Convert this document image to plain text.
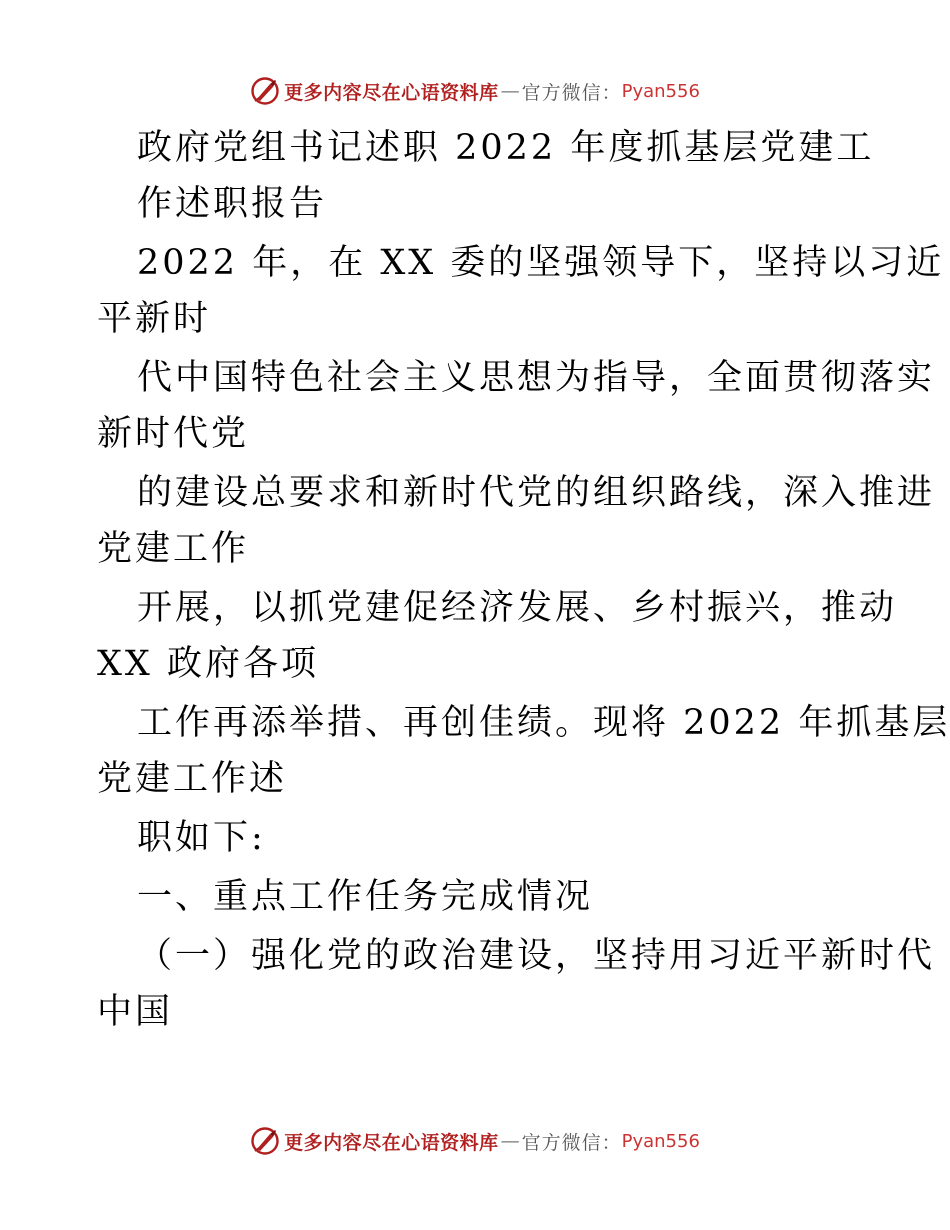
更多内容尽在心语资料库 — 官方微信： Pyan556
政府党组书记述职 2022 年度抓基层党建工
作述职报告
2022 年，在 XX 委的坚强领导下，坚持以习近
平新时
代中国特色社会主义思想为指导，全面贯彻落实
新时代党
的建设总要求和新时代党的组织路线，深入推进
党建工作
开展，以抓党建促经济发展、乡村振兴，推动
XX 政府各项
工作再添举措、再创佳绩。现将 2022 年抓基层
党建工作述
职如下:
一、重点工作任务完成情况
（一）强化党的政治建设，坚持用习近平新时代
中国
更多内容尽在心语资料库 — 官方微信： Pyan556
